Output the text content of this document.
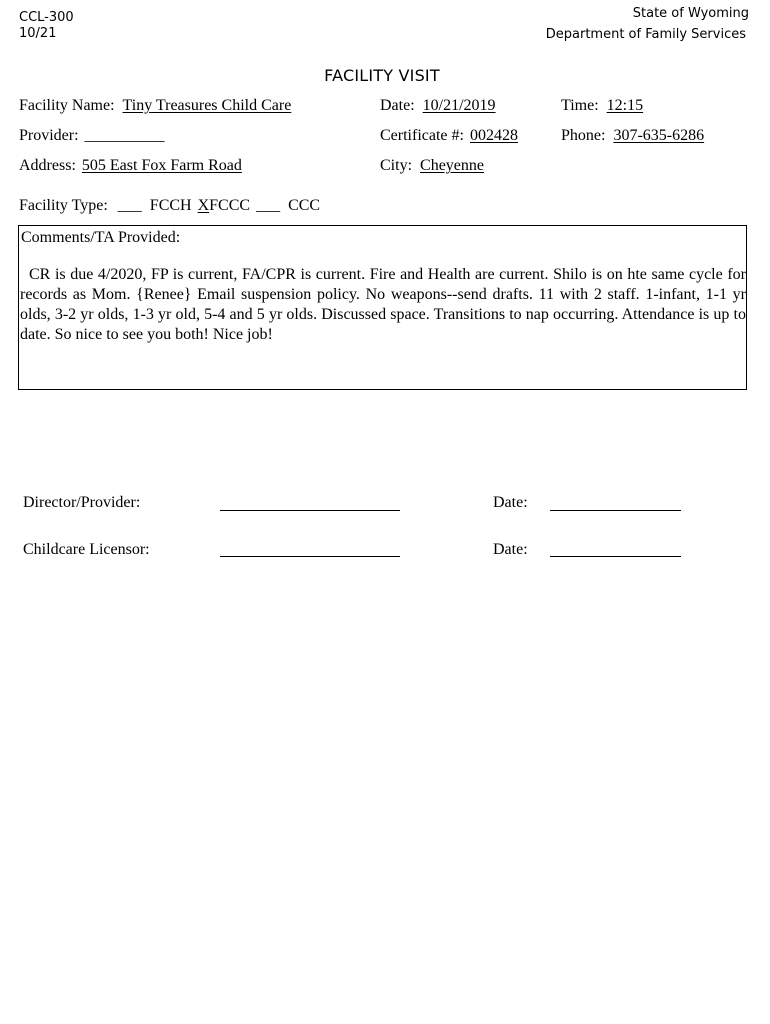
CCL-300
10/21
State of Wyoming
Department of Family Services
FACILITY VISIT
Facility Name: Tiny Treasures Child Care	Date: 10/21/2019	Time: 12:15
Provider: __________	Certificate #: 002428	Phone: 307-635-6286
Address: 505 East Fox Farm Road	City: Cheyenne
Facility Type: ___ FCCH XFCCC ___ CCC
Comments/TA Provided:
CR is due 4/2020, FP is current, FA/CPR is current. Fire and Health are current. Shilo is on hte same cycle for records as Mom. {Renee} Email suspension policy. No weapons--send drafts. 11 with 2 staff. 1-infant, 1-1 yr olds, 3-2 yr olds, 1-3 yr old, 5-4 and 5 yr olds. Discussed space. Transitions to nap occurring. Attendance is up to date. So nice to see you both! Nice job!
Director/Provider:	Date:
Childcare Licensor:	Date:
